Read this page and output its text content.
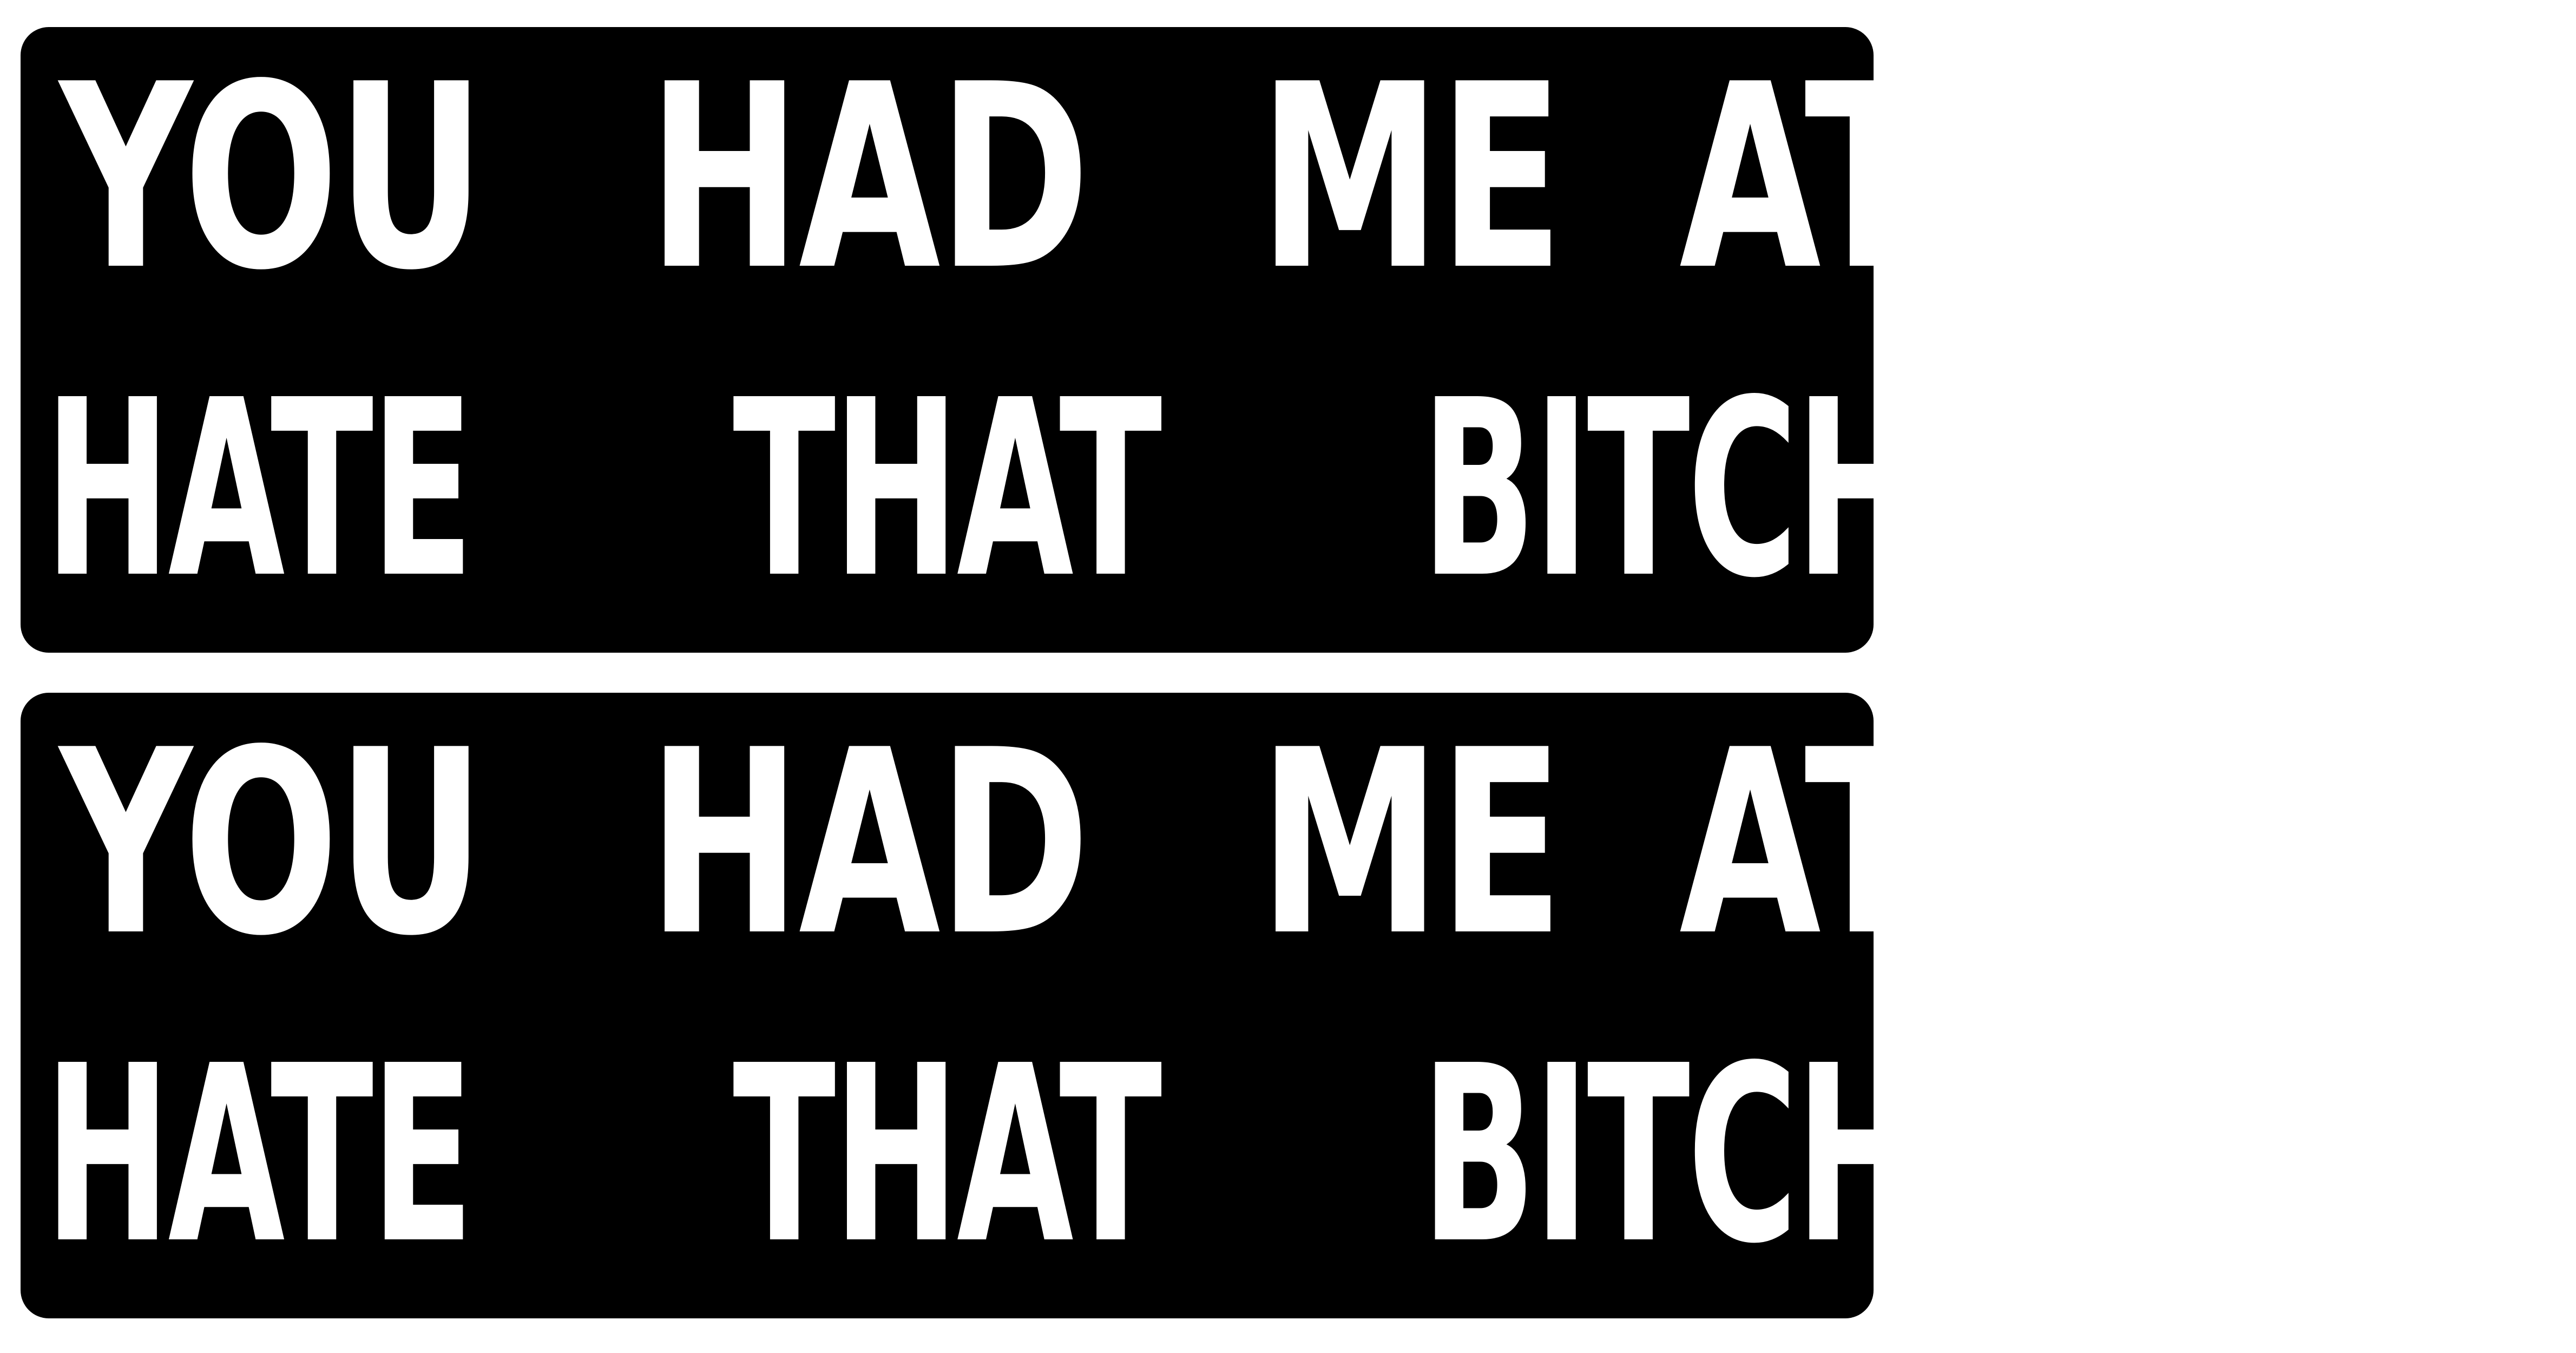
YOU HAD ME AT I
HATE THAT BITCH TOO
YOU HAD ME AT I
HATE THAT BITCH TOO
